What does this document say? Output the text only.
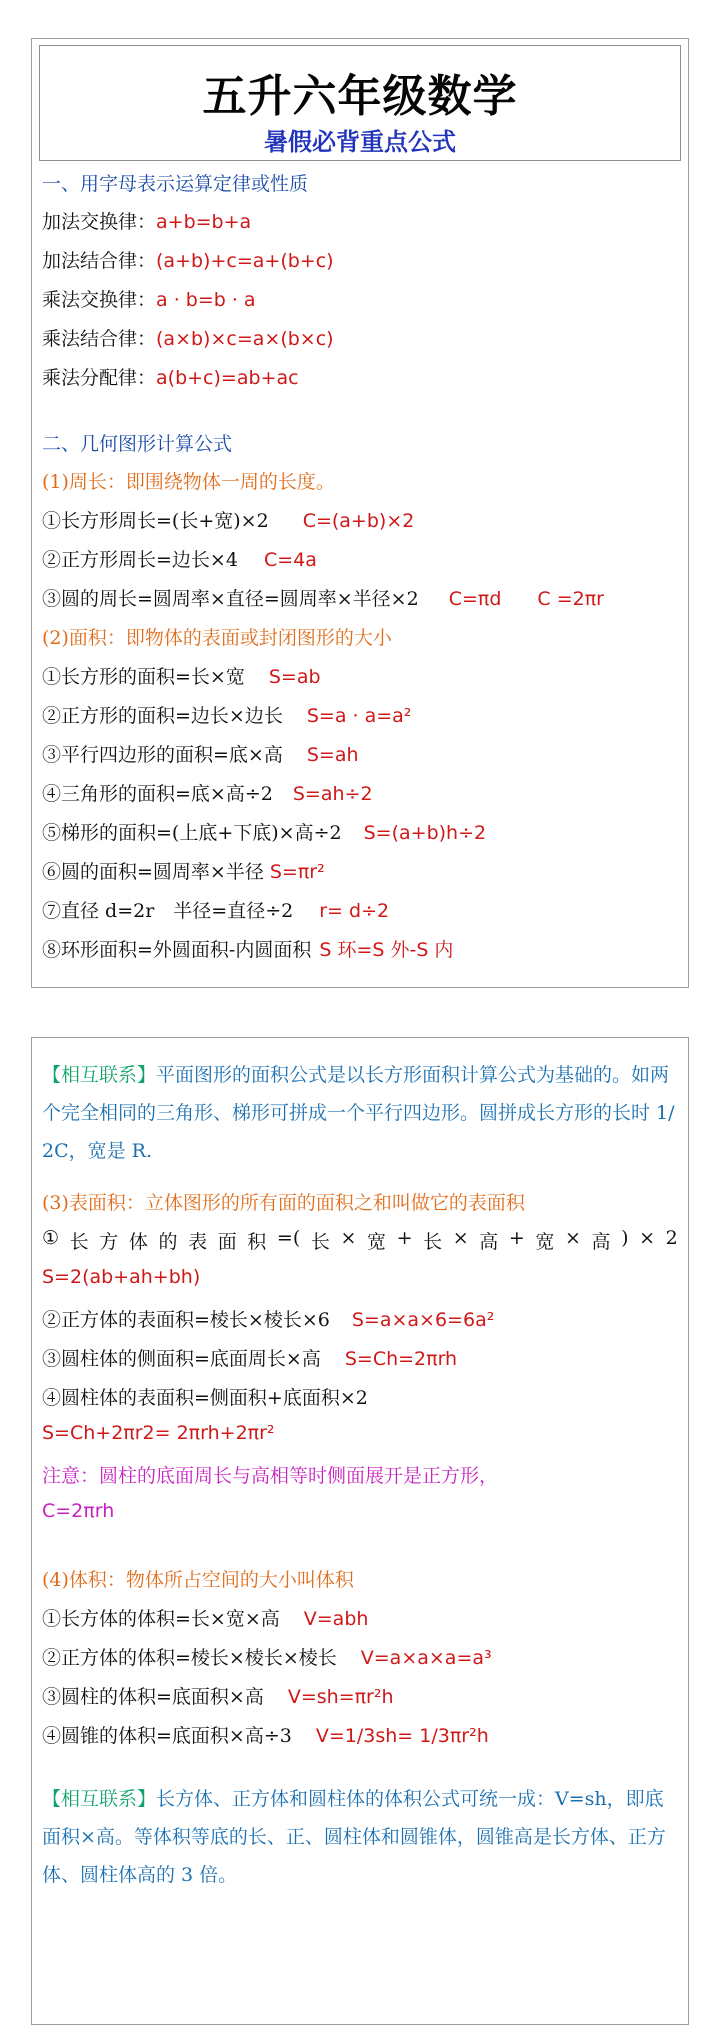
五升六年级数学
暑假必背重点公式
一、用字母表示运算定律或性质
加法交换律：a+b=b+a
加法结合律：(a+b)+c=a+(b+c)
乘法交换律：a · b=b · a
乘法结合律：(a×b)×c=a×(b×c)
乘法分配律：a(b+c)=ab+ac
二、几何图形计算公式
(1)周长：即围绕物体一周的长度。
①长方形周长=(长+宽)×2 C=(a+b)×2
②正方形周长=边长×4 C=4a
③圆的周长=圆周率×直径=圆周率×半径×2 C=πd C =2πr
(2)面积：即物体的表面或封闭图形的大小
①长方形的面积=长×宽 S=ab
②正方形的面积=边长×边长 S=a · a=a²
③平行四边形的面积=底×高 S=ah
④三角形的面积=底×高÷2 S=ah÷2
⑤梯形的面积=(上底+下底)×高÷2 S=(a+b)h÷2
⑥圆的面积=圆周率×半径 S=πr²
⑦直径 d=2r　半径=直径÷2 r= d÷2
⑧环形面积=外圆面积-内圆面积 S 环=S 外-S 内
【相互联系】平面图形的面积公式是以长方形面积计算公式为基础的。如两个完全相同的三角形、梯形可拼成一个平行四边形。圆拼成长方形的长时 1/2C，宽是 R.
(3)表面积：立体图形的所有面的面积之和叫做它的表面积
① 长 方 体 的 表 面 积 =( 长 × 宽 + 长 × 高 + 宽 × 高 ) × 2
S=2(ab+ah+bh)
②正方体的表面积=棱长×棱长×6 S=a×a×6=6a²
③圆柱体的侧面积=底面周长×高 S=Ch=2πrh
④圆柱体的表面积=侧面积+底面积×2
S=Ch+2πr2= 2πrh+2πr²
注意：圆柱的底面周长与高相等时侧面展开是正方形，
C=2πrh
(4)体积：物体所占空间的大小叫体积
①长方体的体积=长×宽×高 V=abh
②正方体的体积=棱长×棱长×棱长 V=a×a×a=a³
③圆柱的体积=底面积×高 V=sh=πr²h
④圆锥的体积=底面积×高÷3 V=1/3sh= 1/3πr²h
【相互联系】长方体、正方体和圆柱体的体积公式可统一成：V=sh，即底面积×高。等体积等底的长、正、圆柱体和圆锥体，圆锥高是长方体、正方体、圆柱体高的 3 倍。
